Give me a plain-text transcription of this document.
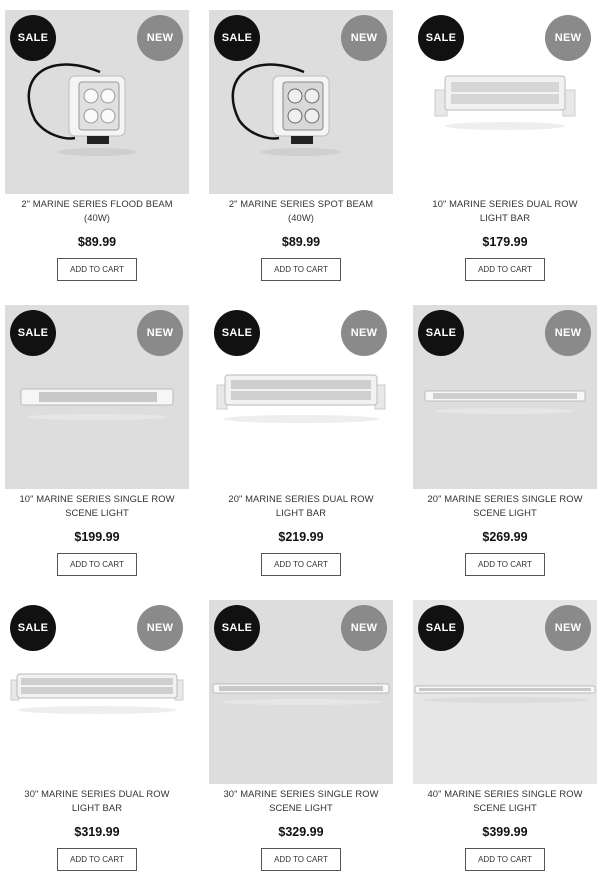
SALE	NEW
2" MARINE SERIES FLOOD BEAM (40W)
$89.99
ADD TO CART
SALE	NEW
2" MARINE SERIES SPOT BEAM (40W)
$89.99
ADD TO CART
SALE	NEW
10" MARINE SERIES DUAL ROW LIGHT BAR
$179.99
ADD TO CART
SALE	NEW
10" MARINE SERIES SINGLE ROW SCENE LIGHT
$199.99
ADD TO CART
SALE	NEW
20" MARINE SERIES DUAL ROW LIGHT BAR
$219.99
ADD TO CART
SALE	NEW
20" MARINE SERIES SINGLE ROW SCENE LIGHT
$269.99
ADD TO CART
SALE	NEW
30" MARINE SERIES DUAL ROW LIGHT BAR
$319.99
ADD TO CART
SALE	NEW
30" MARINE SERIES SINGLE ROW SCENE LIGHT
$329.99
ADD TO CART
SALE	NEW
40" MARINE SERIES SINGLE ROW SCENE LIGHT
$399.99
ADD TO CART
